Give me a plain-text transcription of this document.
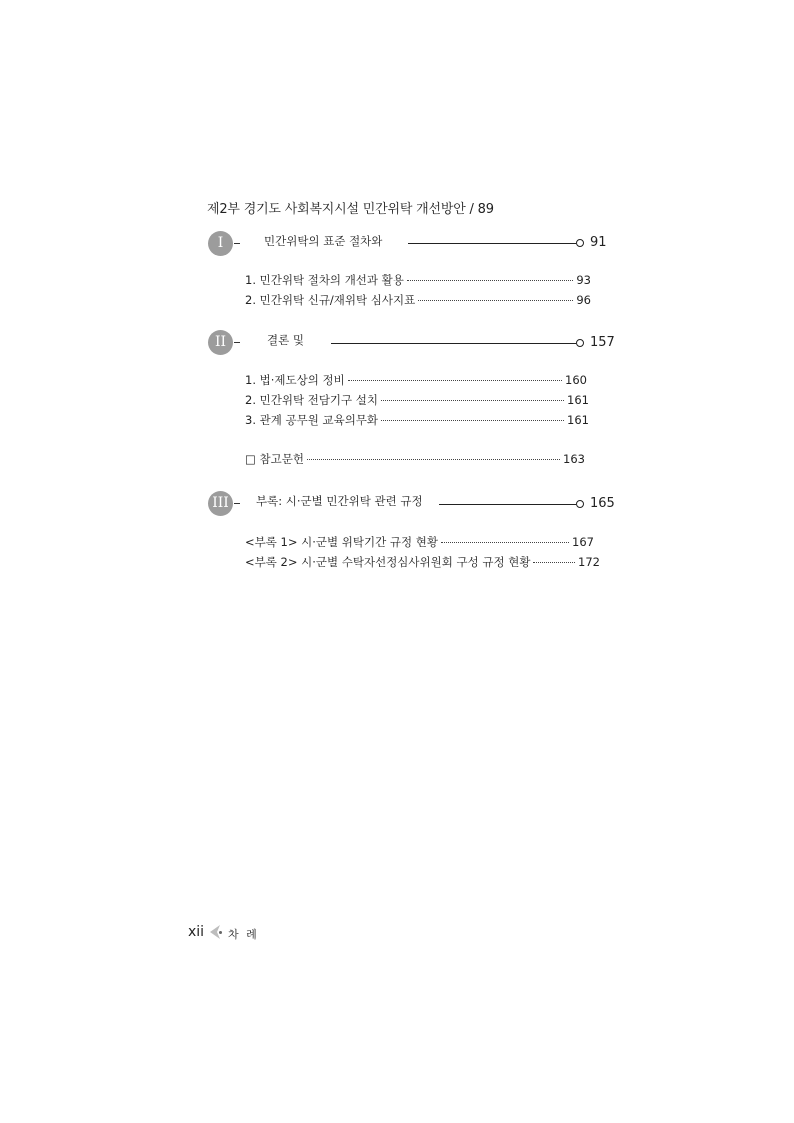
제2부 경기도 사회복지시설 민간위탁 개선방안 / 89
I	민간위탁의 표준 절차와	91
1. 민간위탁 절차의 개선과 활용	93
2. 민간위탁 신규/재위탁 심사지표	96
II	결론 및	157
1. 법·제도상의 정비	160
2. 민간위탁 전담기구 설치	161
3. 관계 공무원 교육의무화	161
□ 참고문헌	163
III	부록: 시·군별 민간위탁 관련 규정	165
<부록 1> 시·군별 위탁기간 규정 현황	167
<부록 2> 시·군별 수탁자선정심사위원회 구성 규정 현황	172
xii 차 례
